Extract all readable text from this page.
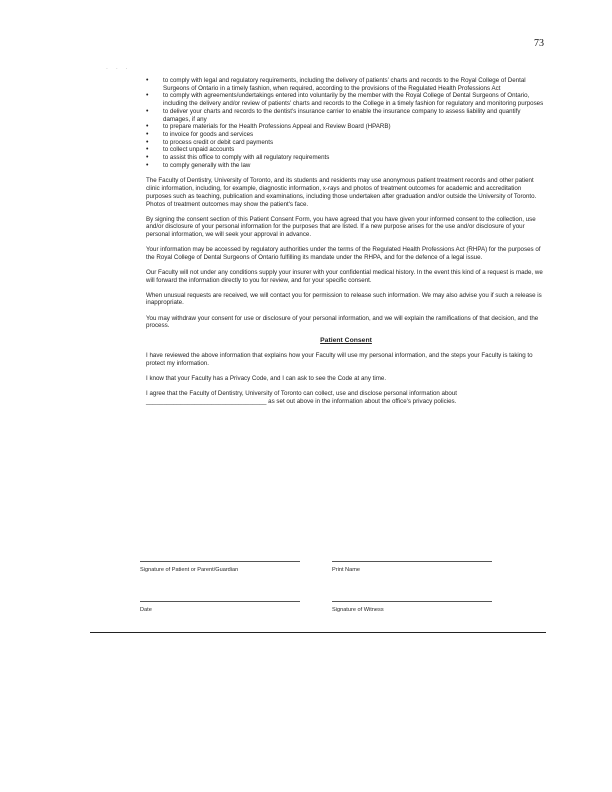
73
· · ·
• to comply with legal and regulatory requirements, including the delivery of patients' charts and records to the Royal College of Dental Surgeons of Ontario in a timely fashion, when required, according to the provisions of the Regulated Health Professions Act
• to comply with agreements/undertakings entered into voluntarily by the member with the Royal College of Dental Surgeons of Ontario, including the delivery and/or review of patients' charts and records to the College in a timely fashion for regulatory and monitoring purposes
• to deliver your charts and records to the dentist's insurance carrier to enable the insurance company to assess liability and quantify damages, if any
• to prepare materials for the Health Professions Appeal and Review Board (HPARB)
• to invoice for goods and services
• to process credit or debit card payments
• to collect unpaid accounts
• to assist this office to comply with all regulatory requirements
• to comply generally with the law

The Faculty of Dentistry, University of Toronto, and its students and residents may use anonymous patient treatment records and other patient clinic information, including, for example, diagnostic information, x-rays and photos of treatment outcomes for academic and accreditation purposes such as teaching, publication and examinations, including those undertaken after graduation and/or outside the University of Toronto. Photos of treatment outcomes may show the patient's face.

By signing the consent section of this Patient Consent Form, you have agreed that you have given your informed consent to the collection, use and/or disclosure of your personal information for the purposes that are listed. If a new purpose arises for the use and/or disclosure of your personal information, we will seek your approval in advance.

Your information may be accessed by regulatory authorities under the terms of the Regulated Health Professions Act (RHPA) for the purposes of the Royal College of Dental Surgeons of Ontario fulfilling its mandate under the RHPA, and for the defence of a legal issue.

Our Faculty will not under any conditions supply your insurer with your confidential medical history. In the event this kind of a request is made, we will forward the information directly to you for review, and for your specific consent.

When unusual requests are received, we will contact you for permission to release such information. We may also advise you if such a release is inappropriate.

You may withdraw your consent for use or disclosure of your personal information, and we will explain the ramifications of that decision, and the process.

Patient Consent

I have reviewed the above information that explains how your Faculty will use my personal information, and the steps your Faculty is taking to protect my information.

I know that your Faculty has a Privacy Code, and I can ask to see the Code at any time.

I agree that the Faculty of Dentistry, University of Toronto can collect, use and disclose personal information about ___________________________________ as set out above in the information about the office's privacy policies.

Signature of Patient or Parent/Guardian	Print Name
Date	Signature of Witness
